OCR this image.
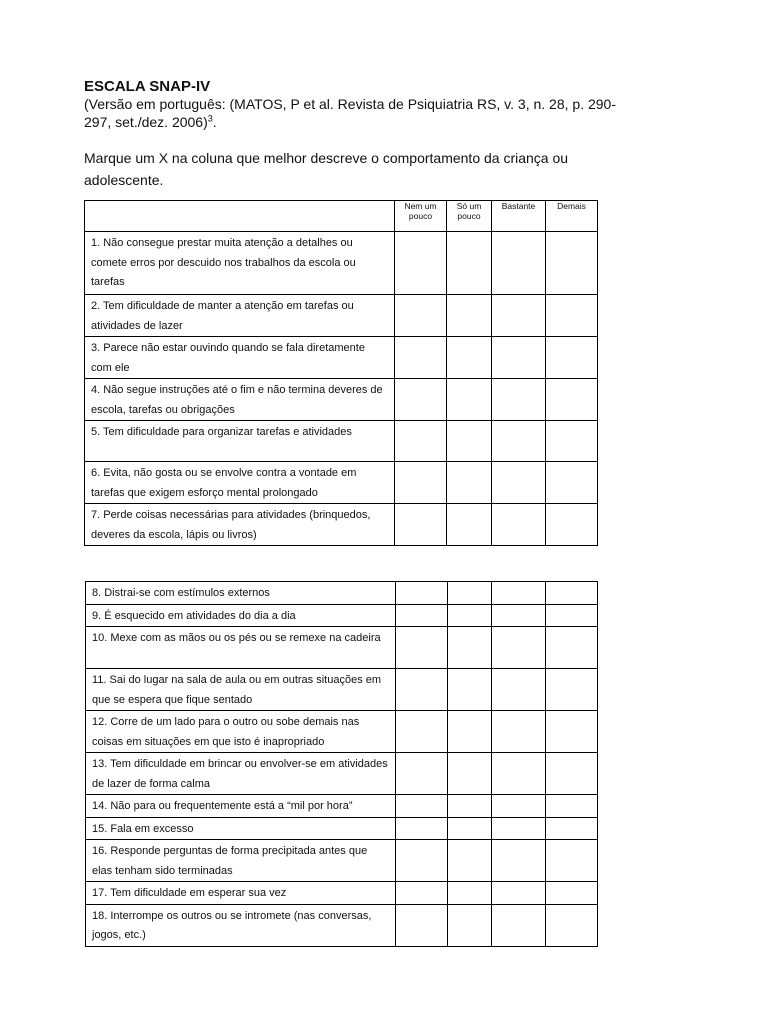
ESCALA SNAP-IV
(Versão em português: (MATOS, P et al. Revista de Psiquiatria RS, v. 3, n. 28, p. 290-297, set./dez. 2006)$^3$.
Marque um X na coluna que melhor descreve o comportamento da criança ou adolescente.
	Nem um pouco	Só um pouco	Bastante	Demais

1. Não consegue prestar muita atenção a detalhes ou comete erros por descuido nos trabalhos da escola ou tarefas				

2. Tem dificuldade de manter a atenção em tarefas ou atividades de lazer				

3. Parece não estar ouvindo quando se fala diretamente com ele				

4. Não segue instruções até o fim e não termina deveres de escola, tarefas ou obrigações				

5. Tem dificuldade para organizar tarefas e atividades				

6. Evita, não gosta ou se envolve contra a vontade em tarefas que exigem esforço mental prolongado				

7. Perde coisas necessárias para atividades (brinquedos, deveres da escola, lápis ou livros)				

8. Distrai-se com estímulos externos				

9. É esquecido em atividades do dia a dia				

10. Mexe com as mãos ou os pés ou se remexe na cadeira				

11. Sai do lugar na sala de aula ou em outras situações em que se espera que fique sentado				

12. Corre de um lado para o outro ou sobe demais nas coisas em situações em que isto é inapropriado				

13. Tem dificuldade em brincar ou envolver-se em atividades de lazer de forma calma				

14. Não para ou frequentemente está a “mil por hora”				

15. Fala em excesso				

16. Responde perguntas de forma precipitada antes que elas tenham sido terminadas				

17. Tem dificuldade em esperar sua vez				

18. Interrompe os outros ou se intromete (nas conversas, jogos, etc.)				
